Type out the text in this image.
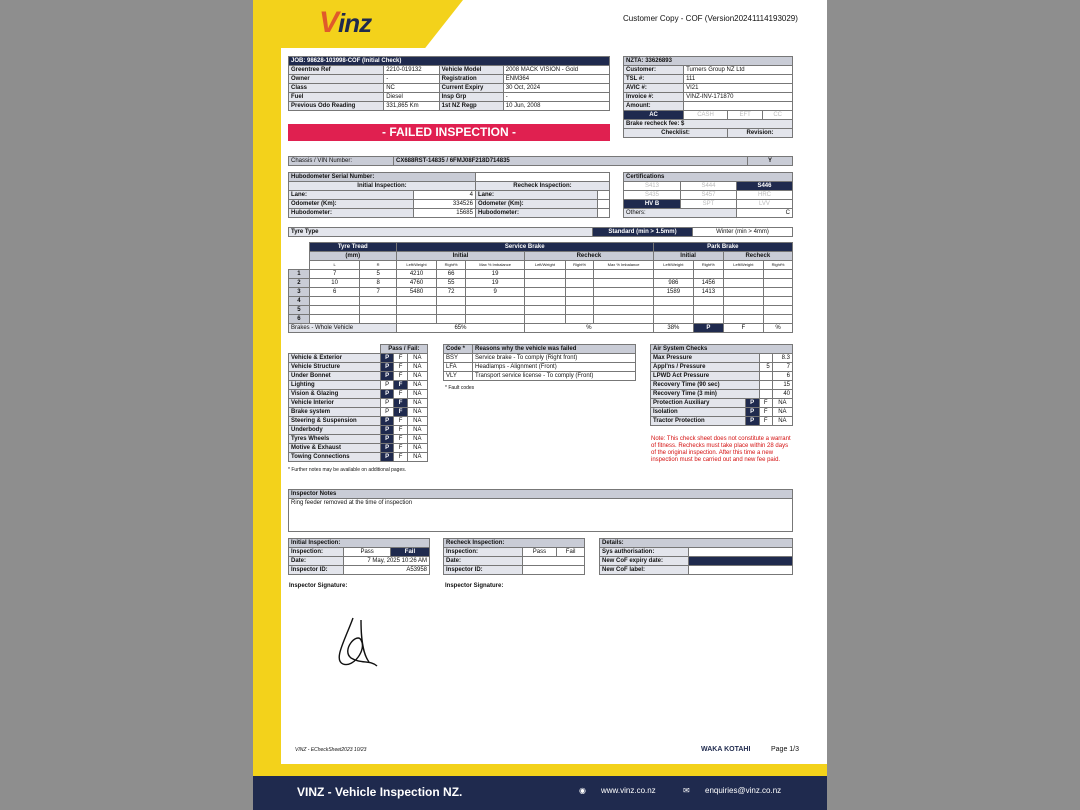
Vinz	Customer Copy - COF (Version20241114193029)
JOB: 98628-103998-COF (Initial Check)			
Greentree Ref	2210-019132	Vehicle Model	2008 MACK VISION - Gold
Owner	-	Registration	ENM364
Class	NC	Current Expiry	30 Oct, 2024
Fuel	Diesel	Insp Grp	-
Previous Odo Reading	331,865 Km	1st NZ Regp	10 Jun, 2008
NZTA: 33626893			
Customer:	Turners Group NZ Ltd		
TSL #:	111		
AVIC #:	VI21		
Invoice #:	VINZ-INV-171870		
Amount:			
AC	CASH	EFT	CC
Brake recheck fee: $			
Checklist:		Revision:	
- FAILED INSPECTION -
Chassis / VIN Number:	CX688RST-14835 / 6FMJ08F218D714835	Y
Hubodometer Serial Number:			
Initial Inspection:		Recheck Inspection:	
Lane:	4	Lane:	
Odometer (Km):	334526	Odometer (Km):	
Hubodometer:	15685	Hubodometer:	
Certifications		
S413	S444	S446
S435	S457	HRC
HV B	SPT	LVV
Others:		C
Tyre Type	Standard (min > 1.5mm)	Winter (min > 4mm)
	Tyre Tread		Service Brake						Park Brake			
	(mm)		Initial			Recheck			Initial		Recheck	
	L	R	Left/Weight	Right%	Max % Imbalance	Left/Weight	Right%	Max % Imbalance	Left/Weight	Right%	Left/Weight	Right%
1	7	5	4210	66	19							
2	10	8	4760	55	19				986	1456		
3	6	7	5480	72	9				1589	1413		
4												
5												
6												
Brakes - Whole Vehicle			65%			%			38%	P	F	%
	Pass / Fail:		
Vehicle & Exterior	P	F	NA
Vehicle Structure	P	F	NA
Under Bonnet	P	F	NA
Lighting	P	F	NA
Vision & Glazing	P	F	NA
Vehicle Interior	P	F	NA
Brake system	P	F	NA
Steering & Suspension	P	F	NA
Underbody	P	F	NA
Tyres Wheels	P	F	NA
Motive & Exhaust	P	F	NA
Towing Connections	P	F	NA
* Further notes may be available on additional pages.
Code *	Reasons why the vehicle was failed
BSY	Service brake - To comply (Right front)
LFA	Headlamps - Alignment (Front)
VLY	Transport service license - To comply (Front)
* Fault codes
Air System Checks			
Max Pressure			8.3
Appl'ns / Pressure		5	7
LPWD Act Pressure			6
Recovery Time (90 sec)			15
Recovery Time (3 min)			40
Protection Auxiliary	P	F	NA
Isolation	P	F	NA
Tractor Protection	P	F	NA
Note: This check sheet does not constitute a warrant of fitness. Rechecks must take place within 28 days of the original inspection. After this time a new inspection must be carried out and new fee paid.
Inspector Notes
Ring feeder removed at the time of inspection
Initial Inspection:		
Inspection:	Pass	Fail
Date:	7 May, 2025 10:26 AM	
Inspector ID:	A53958	
Inspector Signature:
Recheck Inspection:		
Inspection:	Pass	Fail
Date:		
Inspector ID:		
Inspector Signature:
Details:	
Sys authorisation:	
New CoF expiry date:	
New CoF label:	
VINZ - ECheckSheet2023 10/23	WAKA KOTAHI	Page 1/3
VINZ - Vehicle Inspection NZ.	◉ www.vinz.co.nz	✉ enquiries@vinz.co.nz
